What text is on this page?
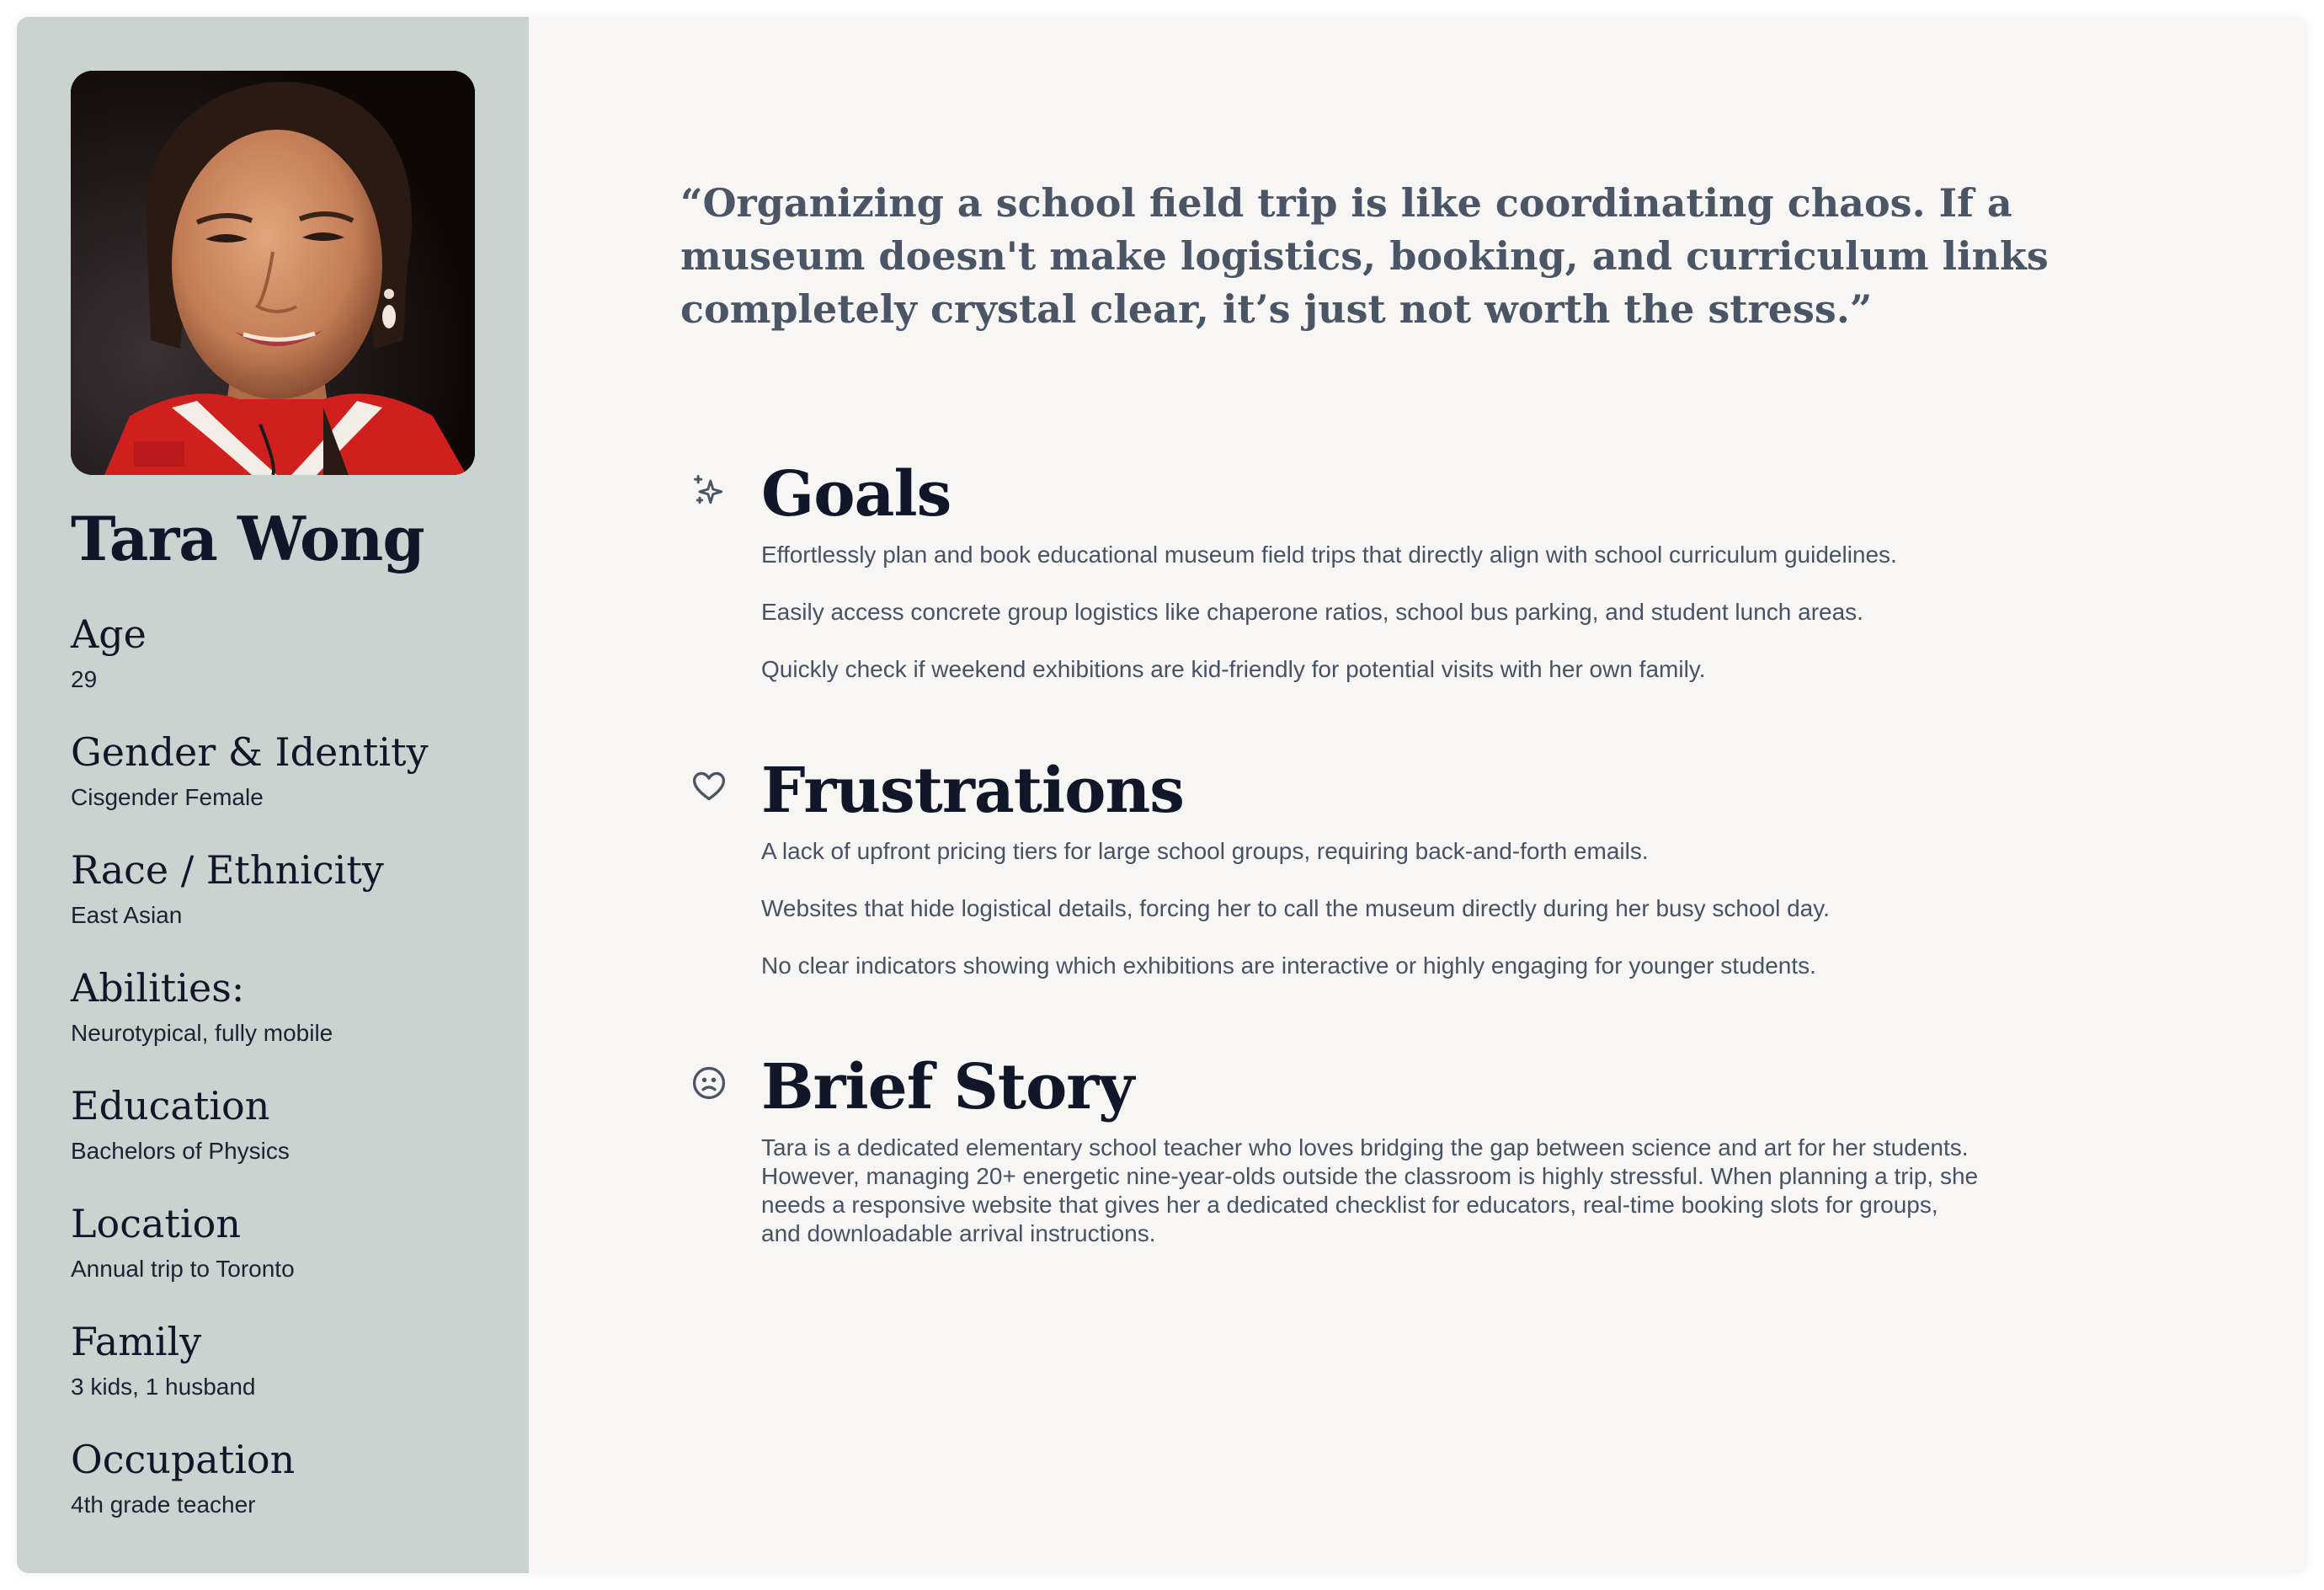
Tara Wong
Age
29
Gender & Identity
Cisgender Female
Race / Ethnicity
East Asian
Abilities:
Neurotypical, fully mobile
Education
Bachelors of Physics
Location
Annual trip to Toronto
Family
3 kids, 1 husband
Occupation
4th grade teacher

“Organizing a school field trip is like coordinating chaos. If a museum doesn't make logistics, booking, and curriculum links completely crystal clear, it’s just not worth the stress.”

Goals

Effortlessly plan and book educational museum field trips that directly align with school curriculum guidelines.

Easily access concrete group logistics like chaperone ratios, school bus parking, and student lunch areas.

Quickly check if weekend exhibitions are kid-friendly for potential visits with her own family.

Frustrations

A lack of upfront pricing tiers for large school groups, requiring back-and-forth emails.

Websites that hide logistical details, forcing her to call the museum directly during her busy school day.

No clear indicators showing which exhibitions are interactive or highly engaging for younger students.

Brief Story

Tara is a dedicated elementary school teacher who loves bridging the gap between science and art for her students. However, managing 20+ energetic nine-year-olds outside the classroom is highly stressful. When planning a trip, she needs a responsive website that gives her a dedicated checklist for educators, real-time booking slots for groups, and downloadable arrival instructions.
